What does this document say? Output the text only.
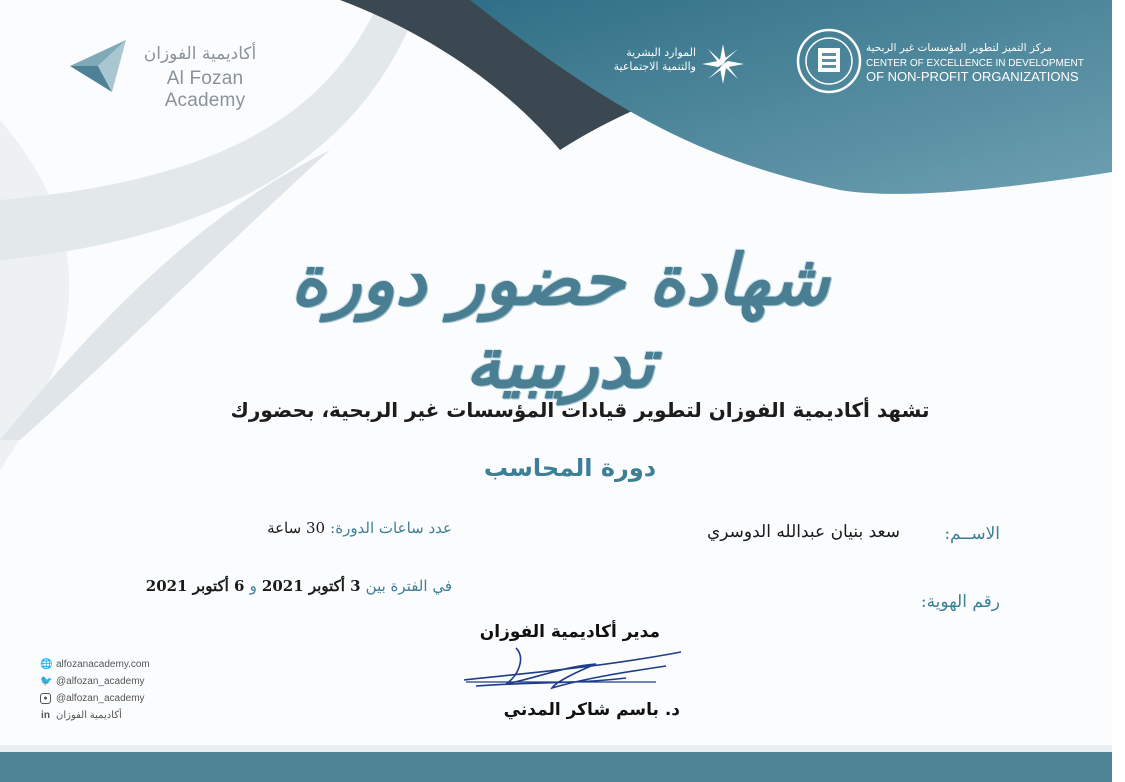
أكاديمية الفوزان
Al Fozan Academy
الموارد البشرية
والتنمية الاجتماعية
مركز التميز لتطوير المؤسسات غير الربحية
CENTER OF EXCELLENCE IN DEVELOPMENT
OF NON-PROFIT ORGANIZATIONS
شهادة حضور دورة تدريبية
تشهد أكاديمية الفوزان لتطوير قيادات المؤسسات غير الربحية، بحضورك
دورة المحاسب
الاســم:
سعد بنيان عبدالله الدوسري
رقم الهوية:
عدد ساعات الدورة: 30 ساعة
في الفترة بين 3 أكتوبر 2021 و 6 أكتوبر 2021
مدير أكاديمية الفوزان
د. باسم شاكر المدني
🌐 alfozanacademy.com
🐦 @alfozan_academy
● @alfozan_academy
in أكاديمية الفوزان
